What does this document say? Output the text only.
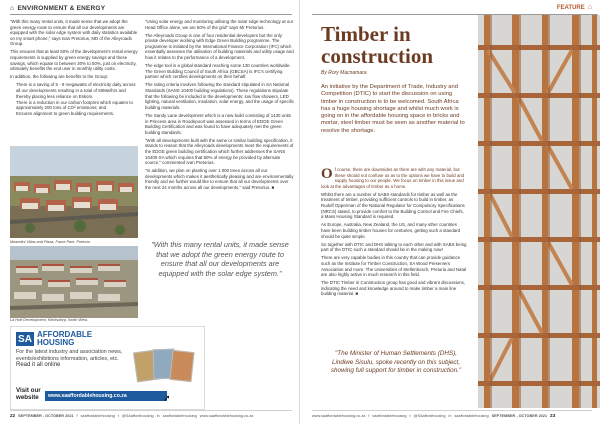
⌂ ENVIRONMENT & ENERGY

"With this many rental units, it made sense that we adopt the green energy route to ensure that all our developments are equipped with the solar edge system with daily statistics available on my smart phone," says Ivan Pretorius, MD of the Alleyroads Group.

This ensures that at least 50% of the development's rental energy requirements is supplied by green energy savings and these savings, which equate to between 30% to 50%, just on electricity, ultimately benefits the end user in monthly utility costs.

In addition, the following are benefits to the Group:

• There is a saving of 5 - 8 megawatts of electricity daily across all our developments resulting in a total of 50Mw/hrs and thereby placing less reliance on Eskom.
• There is a reduction in our carbon footprint which equates to approximately 200 tons of CO² emissions; and
• Ensures alignment to green building requirements.
Mnandini Villas and Plaza, Faure Park, Pretoria

"Using solar energy and monitoring utilising the solar edge technology at our Head Office alone, we are 50% of the grid" says Mr Pretorius.

The Alleyroads Group is one of four residential developers but the only private developer working with Edge Green Building programme. The programme is initiated by the International Finance Corporation (IFC) which essentially assesses the utilisation of building materials and utility usage and how it relates to the performance of a development.

The edge tool is a global standard reaching some 130 countries worldwide. The Green Building Council of South Africa (GBCSA) is IFC's certifying partner which certifies developments on their behalf.

The rating criteria involves following the standard stipulated in SA National Standards (SANS 10400 building regulations). These regulations stipulate that the following be included in the developments: low flow showers, LED lighting, natural ventilation, insulation, solar energy, and the usage of specific building materials.

The Sandy Lane development which is a new build consisting of 1430 units in Princess area in Roodepoort was assessed in terms of EDGE Green Building Certification and was found to have adequately met the green building standards.

"With all developments built with the same or similar building specification, it stands to reason that the Alleyroads developments meet the requirements of the EDGE green building certification which further addresses the SANS 10400-XA which requires that 50% of energy be provided by alternate source," commented Ivan Pretorius.

"In addition, we plan on planting over 1 000 trees across all our developments which makes it aesthetically pleasing and are environmentally friendly and we further would like to ensure that all our developments over the next 24 months across all our developments," said Pretorius. ■

"With this many rental units, it made sense that we adopt the green energy route to ensure that all our developments are equipped with the solar edge system."
La Hoff Development, Klerksdorp, North West.
SA AFFORDABLE
HOUSING
For the latest industry and association news, events/exhibitions information, articles, etc.
Read it all online
Visit our
website	www.saaffordablehousing.co.za	➚
22 SEPTEMBER - OCTOBER 2021 f saaffordablehousing t @SAaffordhousing in saaffordablehousing www.saaffordablehousing.co.za
FEATURE ⌂
Timber in
construction
By Rory Macnamara
An initiative by the Department of Trade, Industry and Competition (DTIC) to start the discussion on using timber in construction is to be welcomed. South Africa has a huge housing shortage and whilst much work is going on in the affordable housing space in bricks and mortar, steel timber must be seen as another material to resolve the shortage.

O f course, there are downsides as there are with any material, but these should not confuse us as to the options we have to build and supply housing to our people. We focus on timber in this issue and look at the advantages of timber as a home.

Whilst there are a number of SABS standards for timber as well as the treatment of timber, providing sufficient controls to build in timber, as Rudolf Opperman of the National Regulator for Compulsory Specifications (NRCS) stated, to provide comfort to the Building Control and Fire Chiefs, a Mass Housing Standard is required.

As Europe, Australia, New Zealand, the US, and many other countries have been building timber houses for centuries, getting such a standard should be quite simple.

So together with DTIC and DHS talking to each other and with SABS being part of the DTIC such a standard should be in the making now!

There are very capable bodies in this country that can provide guidance such as the Institute for Timber Construction, SA Wood Preservers Association and more. The Universities of Stellenbosch, Pretoria and Natal are also highly active in much research in this field.

The DTIC Timber in Construction group has good and vibrant discussions, indicating the need and knowledge around to make timber a main line building material. ■

"The Minister of Human Settlements (DHS), Lindiwe Sisulu, spoke recently on this subject, showing full support for timber in construction."
www.saaffordablehousing.co.za f saaffordablehousing t @SAaffordhousing in saaffordablehousing SEPTEMBER - OCTOBER 2021 23
